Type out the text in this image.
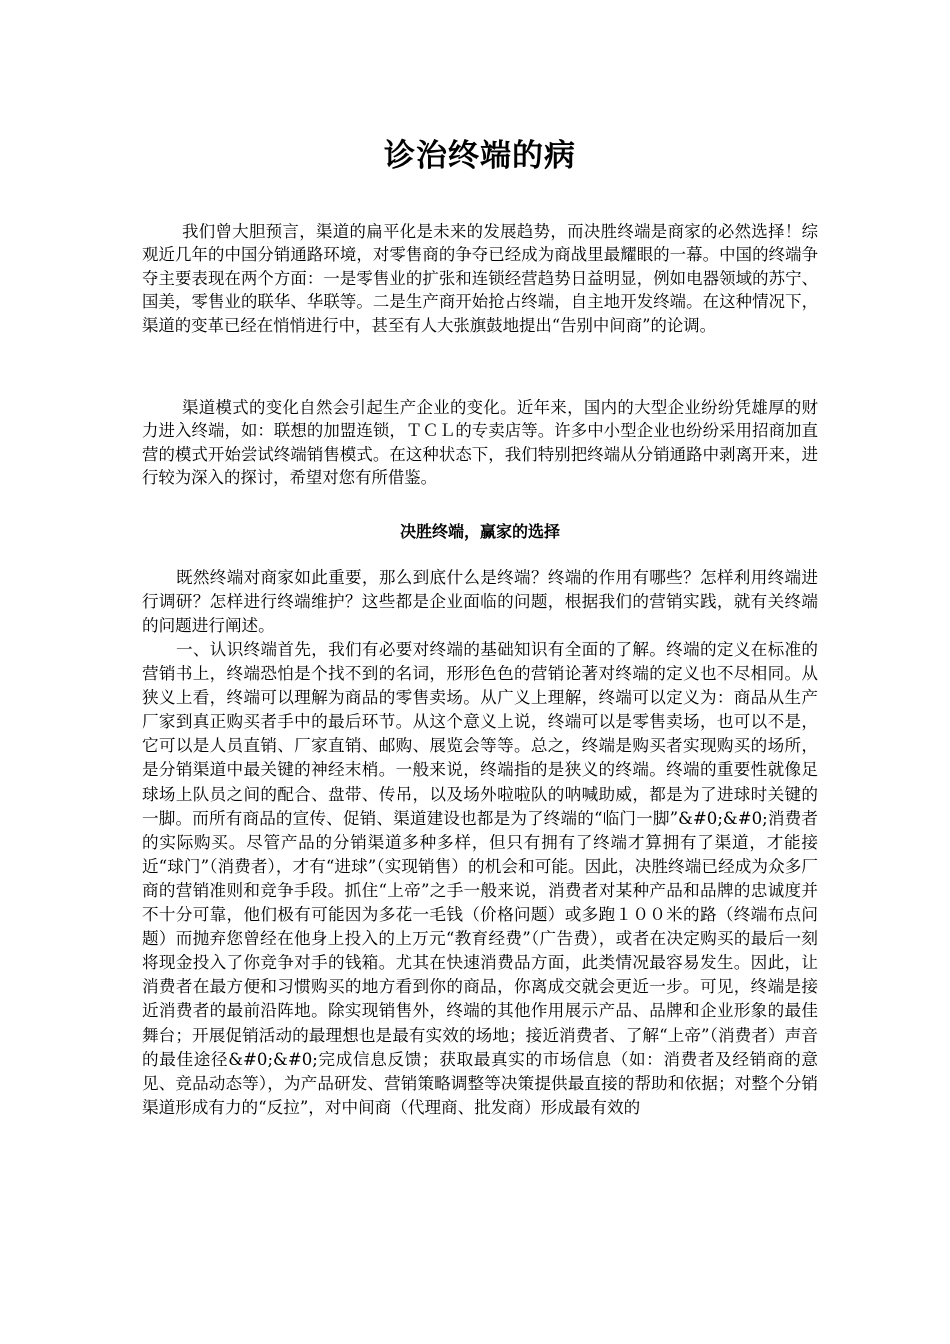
诊治终端的病

我们曾大胆预言，渠道的扁平化是未来的发展趋势，而决胜终端是商家的必然选择！综观近几年的中国分销通路环境，对零售商的争夺已经成为商战里最耀眼的一幕。中国的终端争夺主要表现在两个方面：一是零售业的扩张和连锁经营趋势日益明显，例如电器领域的苏宁、国美，零售业的联华、华联等。二是生产商开始抢占终端，自主地开发终端。在这种情况下，渠道的变革已经在悄悄进行中，甚至有人大张旗鼓地提出“告别中间商”的论调。

渠道模式的变化自然会引起生产企业的变化。近年来，国内的大型企业纷纷凭雄厚的财力进入终端，如：联想的加盟连锁，ＴＣＬ的专卖店等。许多中小型企业也纷纷采用招商加直营的模式开始尝试终端销售模式。在这种状态下，我们特别把终端从分销通路中剥离开来，进行较为深入的探讨，希望对您有所借鉴。

决胜终端，赢家的选择

既然终端对商家如此重要，那么到底什么是终端？终端的作用有哪些？怎样利用终端进行调研？怎样进行终端维护？这些都是企业面临的问题，根据我们的营销实践，就有关终端的问题进行阐述。

一、认识终端首先，我们有必要对终端的基础知识有全面的了解。终端的定义在标准的营销书上，终端恐怕是个找不到的名词，形形色色的营销论著对终端的定义也不尽相同。从狭义上看，终端可以理解为商品的零售卖场。从广义上理解，终端可以定义为：商品从生产厂家到真正购买者手中的最后环节。从这个意义上说，终端可以是零售卖场，也可以不是，它可以是人员直销、厂家直销、邮购、展览会等等。总之，终端是购买者实现购买的场所，是分销渠道中最关键的神经末梢。一般来说，终端指的是狭义的终端。终端的重要性就像足球场上队员之间的配合、盘带、传吊，以及场外啦啦队的呐喊助威，都是为了进球时关键的一脚。而所有商品的宣传、促销、渠道建设也都是为了终端的“临门一脚”&#0;&#0;消费者的实际购买。尽管产品的分销渠道多种多样，但只有拥有了终端才算拥有了渠道，才能接近“球门”（消费者），才有“进球”（实现销售）的机会和可能。因此，决胜终端已经成为众多厂商的营销准则和竞争手段。抓住“上帝”之手一般来说，消费者对某种产品和品牌的忠诚度并不十分可靠，他们极有可能因为多花一毛钱（价格问题）或多跑１００米的路（终端布点问题）而抛弃您曾经在他身上投入的上万元“教育经费”（广告费），或者在决定购买的最后一刻将现金投入了你竞争对手的钱箱。尤其在快速消费品方面，此类情况最容易发生。因此，让消费者在最方便和习惯购买的地方看到你的商品，你离成交就会更近一步。可见，终端是接近消费者的最前沿阵地。除实现销售外，终端的其他作用展示产品、品牌和企业形象的最佳舞台；开展促销活动的最理想也是最有实效的场地；接近消费者、了解“上帝”（消费者）声音的最佳途径&#0;&#0;完成信息反馈；获取最真实的市场信息（如：消费者及经销商的意见、竞品动态等），为产品研发、营销策略调整等决策提供最直接的帮助和依据；对整个分销渠道形成有力的“反拉”，对中间商（代理商、批发商）形成最有效的
